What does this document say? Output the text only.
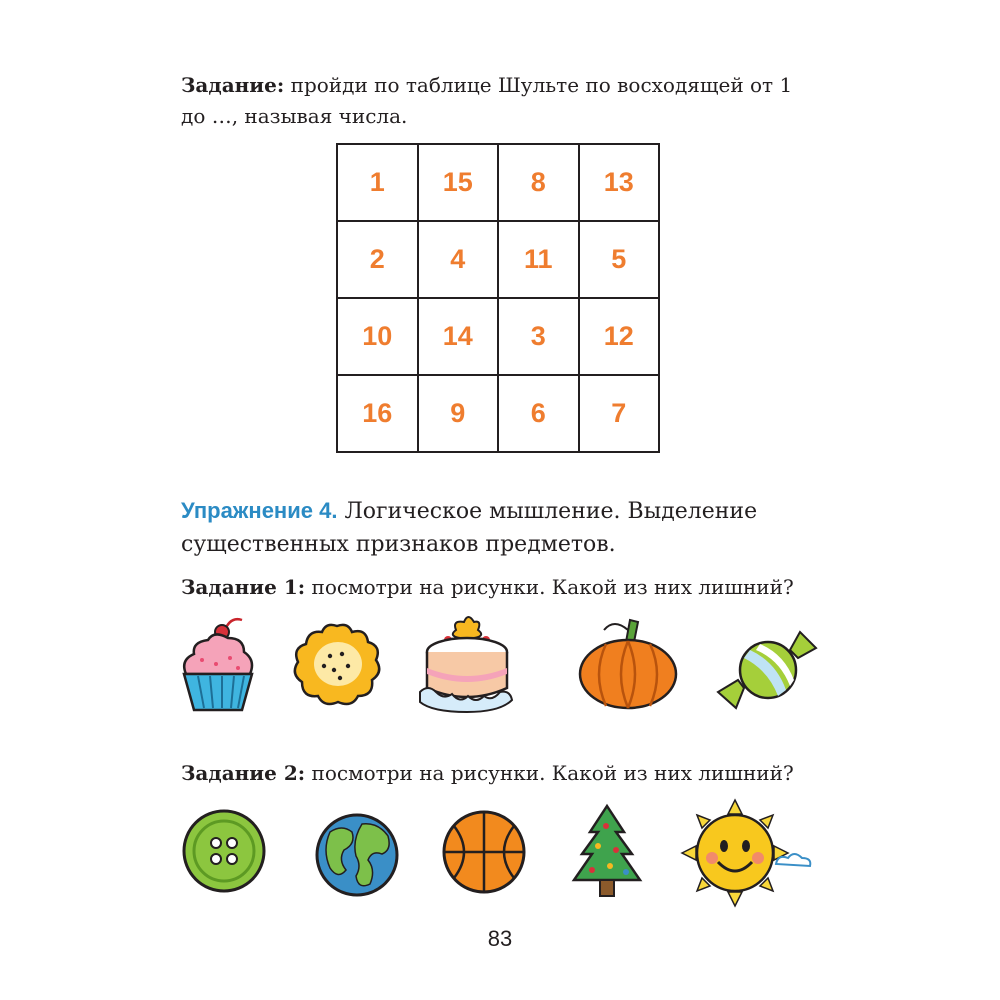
Задание: пройди по таблице Шульте по восходящей от 1 до …, называя числа.

1	15	8	13
2	4	11	5
10	14	3	12
16	9	6	7

Упражнение 4. Логическое мышление. Выделение существенных признаков предметов.

Задание 1: посмотри на рисунки. Какой из них лишний?

Задание 2: посмотри на рисунки. Какой из них лишний?

83
